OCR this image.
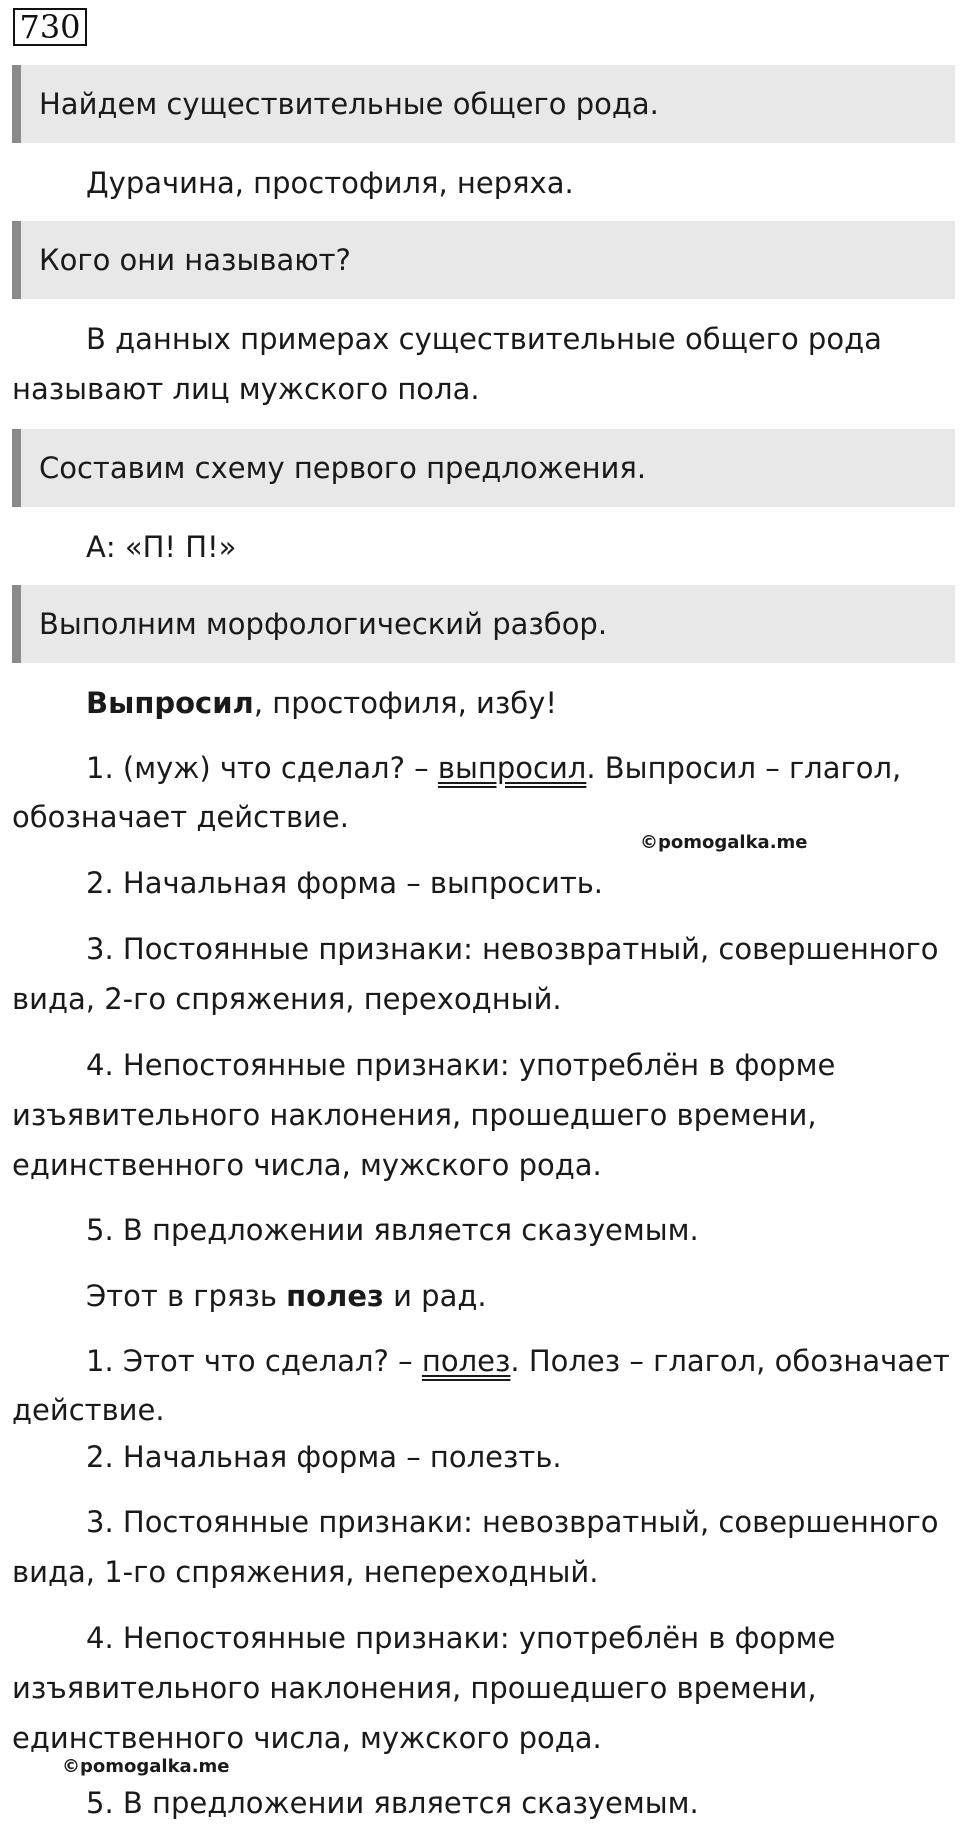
730
Найдем существительные общего рода.
Дурачина, простофиля, неряха.
Кого они называют?
В данных примерах существительные общего рода
называют лиц мужского пола.
Составим схему первого предложения.
А: «П! П!»
Выполним морфологический разбор.
Выпросил, простофиля, избу!
1. (муж) что сделал? – выпросил. Выпросил – глагол,
обозначает действие.
©pomogalka.me
2. Начальная форма – выпросить.
3. Постоянные признаки: невозвратный, совершенного
вида, 2-го спряжения, переходный.
4. Непостоянные признаки: употреблён в форме
изъявительного наклонения, прошедшего времени,
единственного числа, мужского рода.
5. В предложении является сказуемым.
Этот в грязь полез и рад.
1. Этот что сделал? – полез. Полез – глагол, обозначает
действие.
2. Начальная форма – полезть.
3. Постоянные признаки: невозвратный, совершенного
вида, 1-го спряжения, непереходный.
4. Непостоянные признаки: употреблён в форме
изъявительного наклонения, прошедшего времени,
единственного числа, мужского рода.
©pomogalka.me
5. В предложении является сказуемым.
